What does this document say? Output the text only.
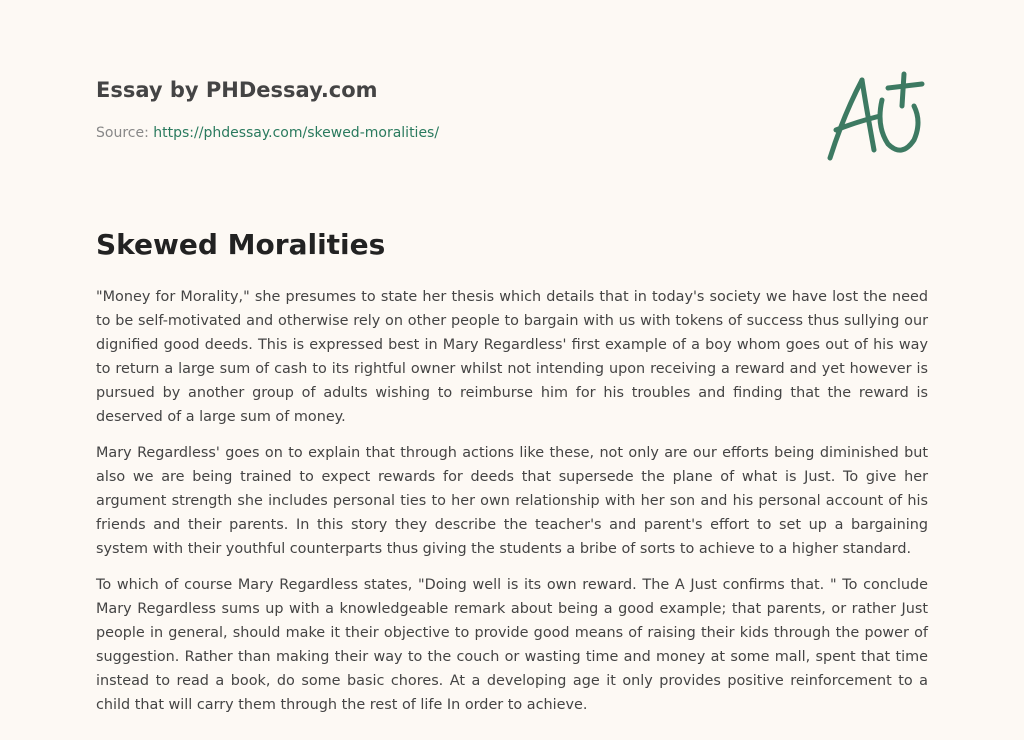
Essay by PHDessay.com
Source: https://phdessay.com/skewed-moralities/
Skewed Moralities

"Money for Morality," she presumes to state her thesis which details that in today's society we have lost the need to be self-motivated and otherwise rely on other people to bargain with us with tokens of success thus sullying our dignified good deeds. This is expressed best in Mary Regardless' first example of a boy whom goes out of his way to return a large sum of cash to its rightful owner whilst not intending upon receiving a reward and yet however is pursued by another group of adults wishing to reimburse him for his troubles and finding that the reward is deserved of a large sum of money.

Mary Regardless' goes on to explain that through actions like these, not only are our efforts being diminished but also we are being trained to expect rewards for deeds that supersede the plane of what is Just. To give her argument strength she includes personal ties to her own relationship with her son and his personal account of his friends and their parents. In this story they describe the teacher's and parent's effort to set up a bargaining system with their youthful counterparts thus giving the students a bribe of sorts to achieve to a higher standard.

To which of course Mary Regardless states, "Doing well is its own reward. The A Just confirms that. " To conclude Mary Regardless sums up with a knowledgeable remark about being a good example; that parents, or rather Just people in general, should make it their objective to provide good means of raising their kids through the power of suggestion. Rather than making their way to the couch or wasting time and money at some mall, spent that time instead to read a book, do some basic chores. At a developing age it only provides positive reinforcement to a child that will carry them through the rest of life In order to achieve.
